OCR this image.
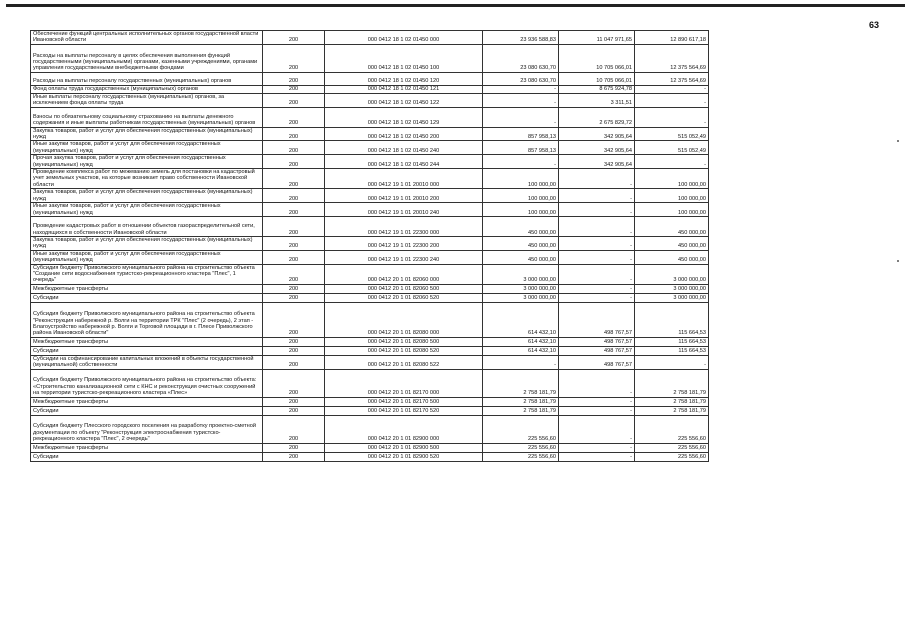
63
Обеспечение функций центральных исполнительных органов государственной власти Ивановской области	200	000 0412 18 1 02 01450 000	23 936 588,83	11 047 971,65	12 890 617,18
Расходы на выплаты персоналу в целях обеспечения выполнения функций государственными (муниципальными) органами, казенными учреждениями, органами управления государственными внебюджетными фондами	200	000 0412 18 1 02 01450 100	23 080 630,70	10 705 066,01	12 375 564,69
Расходы на выплаты персоналу государственных (муниципальных) органов	200	000 0412 18 1 02 01450 120	23 080 630,70	10 705 066,01	12 375 564,69
Фонд оплаты труда государственных (муниципальных) органов	200	000 0412 18 1 02 01450 121	-	8 675 924,78	-
Иные выплаты персоналу государственных (муниципальных) органов, за исключением фонда оплаты труда	200	000 0412 18 1 02 01450 122	-	3 311,51	-
Взносы по обязательному социальному страхованию на выплаты денежного содержания и иные выплаты работникам государственных (муниципальных) органов	200	000 0412 18 1 02 01450 129	-	2 675 829,72	-
Закупка товаров, работ и услуг для обеспечения государственных (муниципальных) нужд	200	000 0412 18 1 02 01450 200	857 958,13	342 905,64	515 052,49
Иные закупки товаров, работ и услуг для обеспечения государственных (муниципальных) нужд	200	000 0412 18 1 02 01450 240	857 958,13	342 905,64	515 052,49
Прочая закупка товаров, работ и услуг для обеспечения государственных (муниципальных) нужд	200	000 0412 18 1 02 01450 244	-	342 905,64	-
Проведение комплекса работ по межеванию земель для постановки на кадастровый учет земельных участков, на которые возникает право собственности Ивановской области	200	000 0412 19 1 01 20010 000	100 000,00	-	100 000,00
Закупка товаров, работ и услуг для обеспечения государственных (муниципальных) нужд	200	000 0412 19 1 01 20010 200	100 000,00	-	100 000,00
Иные закупки товаров, работ и услуг для обеспечения государственных (муниципальных) нужд	200	000 0412 19 1 01 20010 240	100 000,00	-	100 000,00
Проведение кадастровых работ в отношении объектов газораспределительной сети, находящихся в собственности Ивановской области	200	000 0412 19 1 01 22300 000	450 000,00	-	450 000,00
Закупка товаров, работ и услуг для обеспечения государственных (муниципальных) нужд	200	000 0412 19 1 01 22300 200	450 000,00	-	450 000,00
Иные закупки товаров, работ и услуг для обеспечения государственных (муниципальных) нужд	200	000 0412 19 1 01 22300 240	450 000,00	-	450 000,00
Субсидия бюджету Приволжского муниципального района на строительство объекта "Создание сети водоснабжения туристско-рекреационного кластера "Плес", 1 очередь"	200	000 0412 20 1 01 82060 000	3 000 000,00	-	3 000 000,00
Межбюджетные трансферты	200	000 0412 20 1 01 82060 500	3 000 000,00	-	3 000 000,00
Субсидии	200	000 0412 20 1 01 82060 520	3 000 000,00	-	3 000 000,00
Субсидия бюджету Приволжского муниципального района на строительство объекта "Реконструкция набережной р. Волги на территории ТРК "Плес" (2 очередь), 2 этап - Благоустройство набережной р. Волги и Торговой площади в г. Плесе Приволжского района Ивановской области"	200	000 0412 20 1 01 82080 000	614 432,10	498 767,57	115 664,53
Межбюджетные трансферты	200	000 0412 20 1 01 82080 500	614 432,10	498 767,57	115 664,53
Субсидии	200	000 0412 20 1 01 82080 520	614 432,10	498 767,57	115 664,53
Субсидии на софинансирование капитальных вложений в объекты государственной (муниципальной) собственности	200	000 0412 20 1 01 82080 522	-	498 767,57	-
Субсидия бюджету Приволжского муниципального района на строительство объекта: «Строительство канализационной сети с КНС и реконструкция очистных сооружений на территории туристско-рекреационного кластера «Плес»	200	000 0412 20 1 01 82170 000	2 758 181,79	-	2 758 181,79
Межбюджетные трансферты	200	000 0412 20 1 01 82170 500	2 758 181,79	-	2 758 181,79
Субсидии	200	000 0412 20 1 01 82170 520	2 758 181,79	-	2 758 181,79
Субсидия бюджету Плесского городского поселения на разработку проектно-сметной документации по объекту "Реконструкция электроснабжения туристско-рекреационного кластера "Плес", 2 очередь"	200	000 0412 20 1 01 82900 000	225 556,60	-	225 556,60
Межбюджетные трансферты	200	000 0412 20 1 01 82900 500	225 556,60	-	225 556,60
Субсидии	200	000 0412 20 1 01 82900 520	225 556,60	-	225 556,60
